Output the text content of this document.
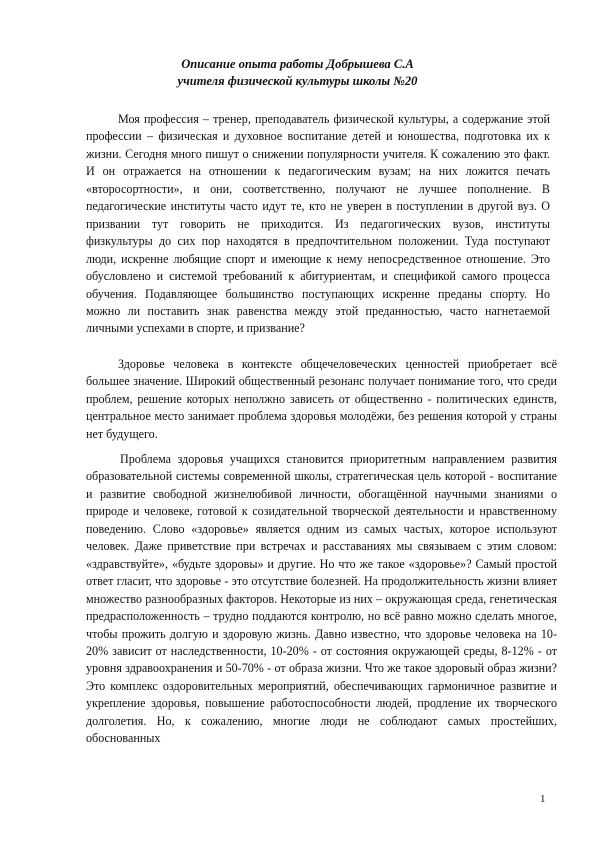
Описание опыта работы Добрышева С.А
учителя физической культуры школы №20

Моя профессия – тренер, преподаватель физической культуры, а содержание этой профессии – физическая и духовное воспитание детей и юношества, подготовка их к жизни. Сегодня много пишут о снижении популярности учителя. К сожалению это факт. И он отражается на отношении к педагогическим вузам; на них ложится печать «второсортности», и они, соответственно, получают не лучшее пополнение. В педагогические институты часто идут те, кто не уверен в поступлении в другой вуз. О призвании тут говорить не приходится. Из педагогических вузов, институты физкультуры до сих пор находятся в предпочтительном положении. Туда поступают люди, искренне любящие спорт и имеющие к нему непосредственное отношение. Это обусловлено и системой требований к абитуриентам, и спецификой самого процесса обучения. Подавляющее большинство поступающих искренне преданы спорту. Но можно ли поставить знак равенства между этой преданностью, часто нагнетаемой личными успехами в спорте, и призвание?

Здоровье человека в контексте общечеловеческих ценностей приобретает всё большее значение. Широкий общественный резонанс получает понимание того, что среди проблем, решение которых неполжно зависеть от общественно - политических единств, центральное место занимает проблема здоровья молодёжи, без решения которой у страны нет будущего.

Проблема здоровья учащихся становится приоритетным направлением развития образовательной системы современной школы, стратегическая цель которой - воспитание и развитие свободной жизнелюбивой личности, обогащённой научными знаниями о природе и человеке, готовой к созидательной творческой деятельности и нравственному поведению. Слово «здоровье» является одним из самых частых, которое используют человек. Даже приветствие при встречах и расставаниях мы связываем с этим словом: «здравствуйте», «будьте здоровы» и другие. Но что же такое «здоровье»? Самый простой ответ гласит, что здоровье - это отсутствие болезней. На продолжительность жизни влияет множество разнообразных факторов. Некоторые из них – окружающая среда, генетическая предрасположенность – трудно поддаются контролю, но всё равно можно сделать многое, чтобы прожить долгую и здоровую жизнь. Давно известно, что здоровье человека на 10-20% зависит от наследственности, 10-20% - от состояния окружающей среды, 8-12% - от уровня здравоохранения и 50-70% - от образа жизни. Что же такое здоровый образ жизни? Это комплекс оздоровительных мероприятий, обеспечивающих гармоничное развитие и укрепление здоровья, повышение работоспособности людей, продление их творческого долголетия. Но, к сожалению, многие люди не соблюдают самых простейших, обоснованных

1
